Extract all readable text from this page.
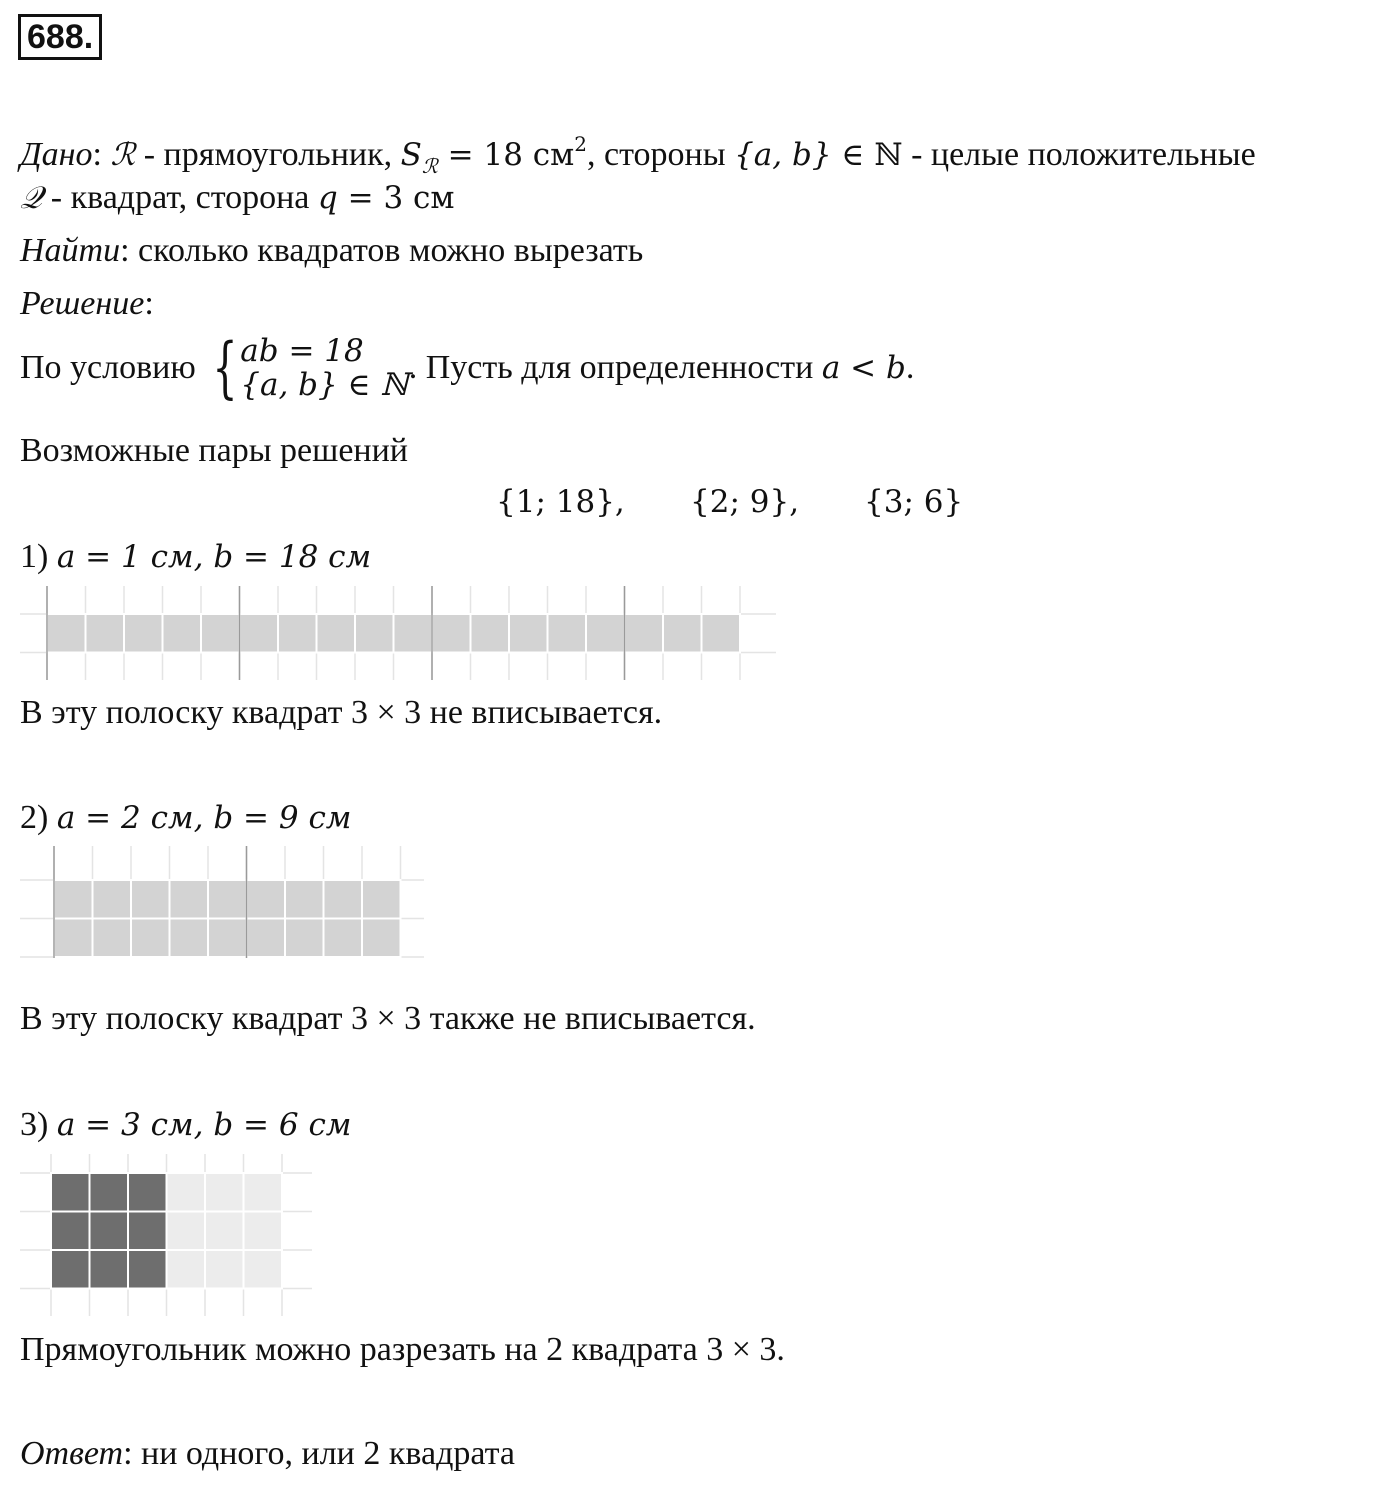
688.
Дано: ℛ - прямоугольник, $S_ℛ = 18$ $см^2$, стороны {a, b} ∈ ℕ - целые положительные
𝒬 - квадрат, сторона q = 3 см
Найти: сколько квадратов можно вырезать
Решение:
По условию { ab = 18
{a, b} ∈ ℕ . Пусть для определенности a < b.
Возможные пары решений
{1; 18}, {2; 9}, {3; 6}
1) a = 1 см, b = 18 см
В эту полоску квадрат 3 × 3 не вписывается.
2) a = 2 см, b = 9 см
В эту полоску квадрат 3 × 3 также не вписывается.
3) a = 3 см, b = 6 см
Прямоугольник можно разрезать на 2 квадрата 3 × 3.
Ответ: ни одного, или 2 квадрата
